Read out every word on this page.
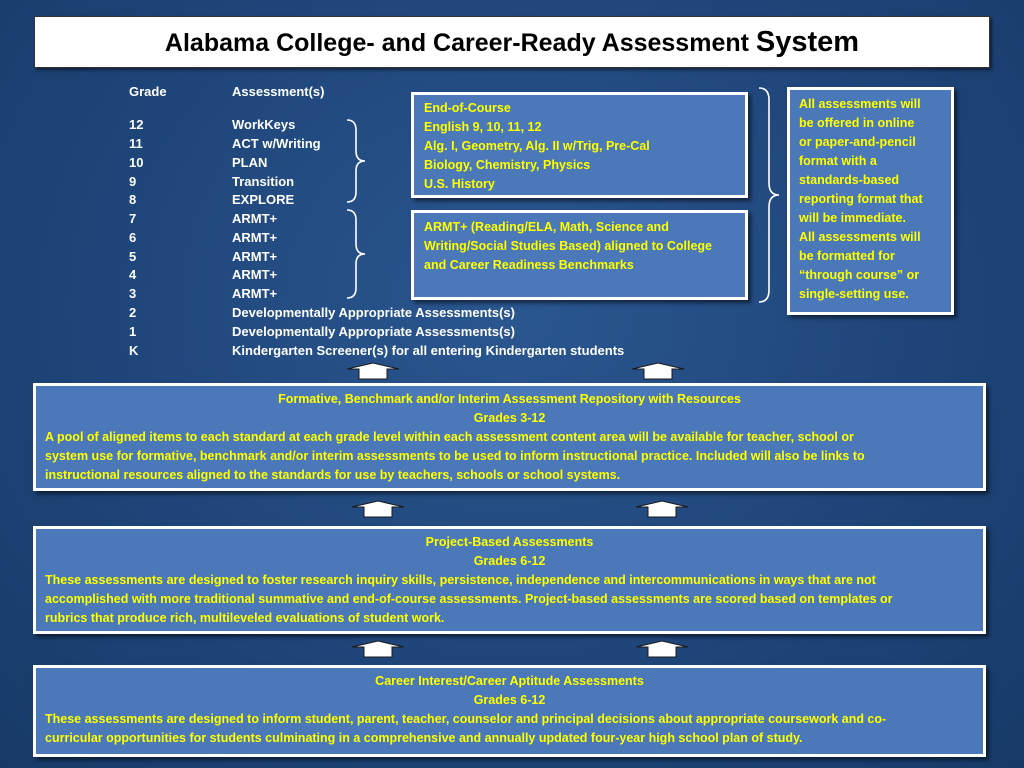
Alabama College- and Career-Ready Assessment System
Grade	Assessment(s)
12	WorkKeys
11	ACT w/Writing
10	PLAN
9	Transition
8	EXPLORE
7	ARMT+
6	ARMT+
5	ARMT+
4	ARMT+
3	ARMT+
2	Developmentally Appropriate Assessments(s)
1	Developmentally Appropriate Assessments(s)
K	Kindergarten Screener(s) for all entering Kindergarten students
End-of-Course
English 9, 10, 11, 12
Alg. I, Geometry, Alg. II w/Trig, Pre-Cal
Biology, Chemistry, Physics
U.S. History
ARMT+ (Reading/ELA, Math, Science and
Writing/Social Studies Based) aligned to College
and Career Readiness Benchmarks
All assessments will
be offered in online
or paper-and-pencil
format with a
standards-based
reporting format that
will be immediate.
All assessments will
be formatted for
“through course” or
single-setting use.
Formative, Benchmark and/or Interim Assessment Repository with Resources
Grades 3-12
A pool of aligned items to each standard at each grade level within each assessment content area will be available for teacher, school or
system use for formative, benchmark and/or interim assessments to be used to inform instructional practice. Included will also be links to
instructional resources aligned to the standards for use by teachers, schools or school systems.
Project-Based Assessments
Grades 6-12
These assessments are designed to foster research inquiry skills, persistence, independence and intercommunications in ways that are not
accomplished with more traditional summative and end-of-course assessments. Project-based assessments are scored based on templates or
rubrics that produce rich, multileveled evaluations of student work.
Career Interest/Career Aptitude Assessments
Grades 6-12
These assessments are designed to inform student, parent, teacher, counselor and principal decisions about appropriate coursework and co-
curricular opportunities for students culminating in a comprehensive and annually updated four-year high school plan of study.
